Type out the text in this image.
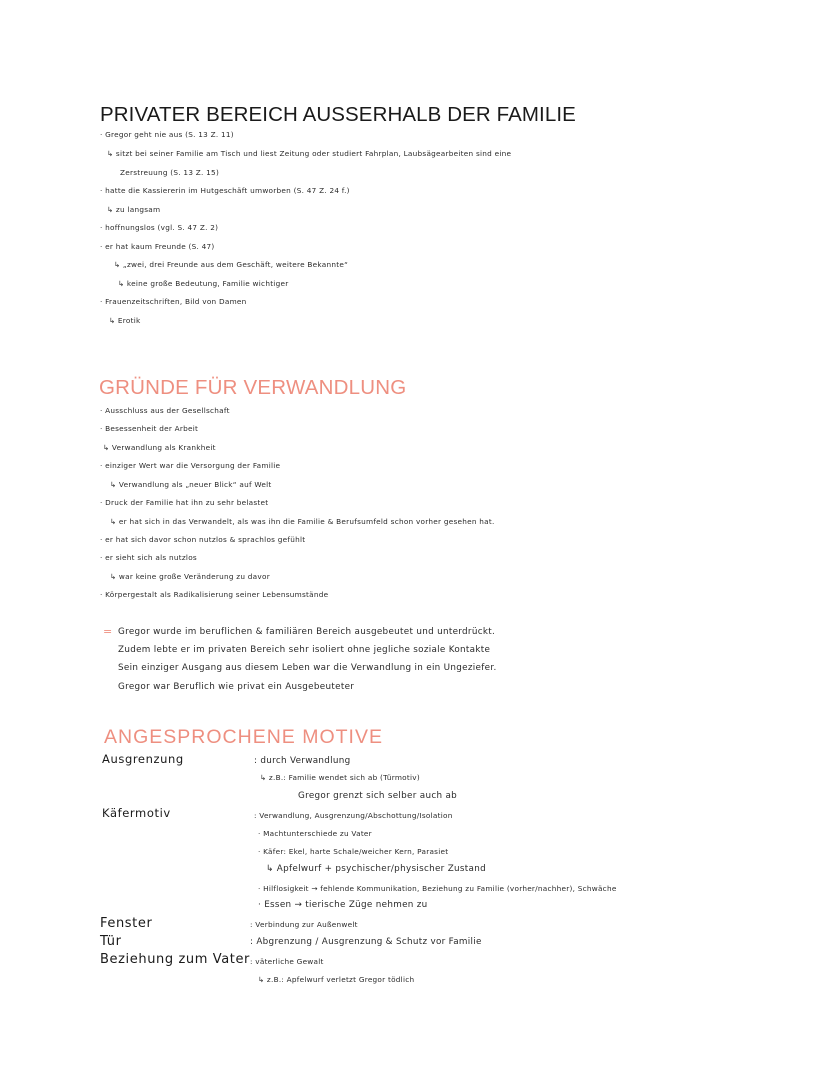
PRIVATER BEREICH AUSSERHALB DER FAMILIE
· Gregor geht nie aus (S. 13 Z. 11)
↳ sitzt bei seiner Familie am Tisch und liest Zeitung oder studiert Fahrplan, Laubsägearbeiten sind eine
Zerstreuung (S. 13 Z. 15)
· hatte die Kassiererin im Hutgeschäft umworben (S. 47 Z. 24 f.)
↳ zu langsam
· hoffnungslos (vgl. S. 47 Z. 2)
· er hat kaum Freunde (S. 47)
↳ „zwei, drei Freunde aus dem Geschäft, weitere Bekannte“
↳ keine große Bedeutung, Familie wichtiger
· Frauenzeitschriften, Bild von Damen
↳ Erotik
GRÜNDE FÜR VERWANDLUNG
· Ausschluss aus der Gesellschaft
· Besessenheit der Arbeit
↳ Verwandlung als Krankheit
· einziger Wert war die Versorgung der Familie
↳ Verwandlung als „neuer Blick“ auf Welt
· Druck der Familie hat ihn zu sehr belastet
↳ er hat sich in das Verwandelt, als was ihn die Familie & Berufsumfeld schon vorher gesehen hat.
· er hat sich davor schon nutzlos & sprachlos gefühlt
· er sieht sich als nutzlos
↳ war keine große Veränderung zu davor
· Körpergestalt als Radikalisierung seiner Lebensumstände
= Gregor wurde im beruflichen & familiären Bereich ausgebeutet und unterdrückt.
Zudem lebte er im privaten Bereich sehr isoliert ohne jegliche soziale Kontakte
Sein einziger Ausgang aus diesem Leben war die Verwandlung in ein Ungeziefer.
Gregor war Beruflich wie privat ein Ausgebeuteter
ANGESPROCHENE MOTIVE
Ausgrenzung	: durch Verwandlung
↳ z.B.: Familie wendet sich ab (Türmotiv)
Gregor grenzt sich selber auch ab
Käfermotiv	: Verwandlung, Ausgrenzung/Abschottung/Isolation
· Machtunterschiede zu Vater
· Käfer: Ekel, harte Schale/weicher Kern, Parasiet
↳ Apfelwurf + psychischer/physischer Zustand
· Hilflosigkeit → fehlende Kommunikation, Beziehung zu Familie (vorher/nachher), Schwäche
· Essen → tierische Züge nehmen zu
Fenster	: Verbindung zur Außenwelt
Tür	: Abgrenzung / Ausgrenzung & Schutz vor Familie
Beziehung zum Vater : väterliche Gewalt
↳ z.B.: Apfelwurf verletzt Gregor tödlich
